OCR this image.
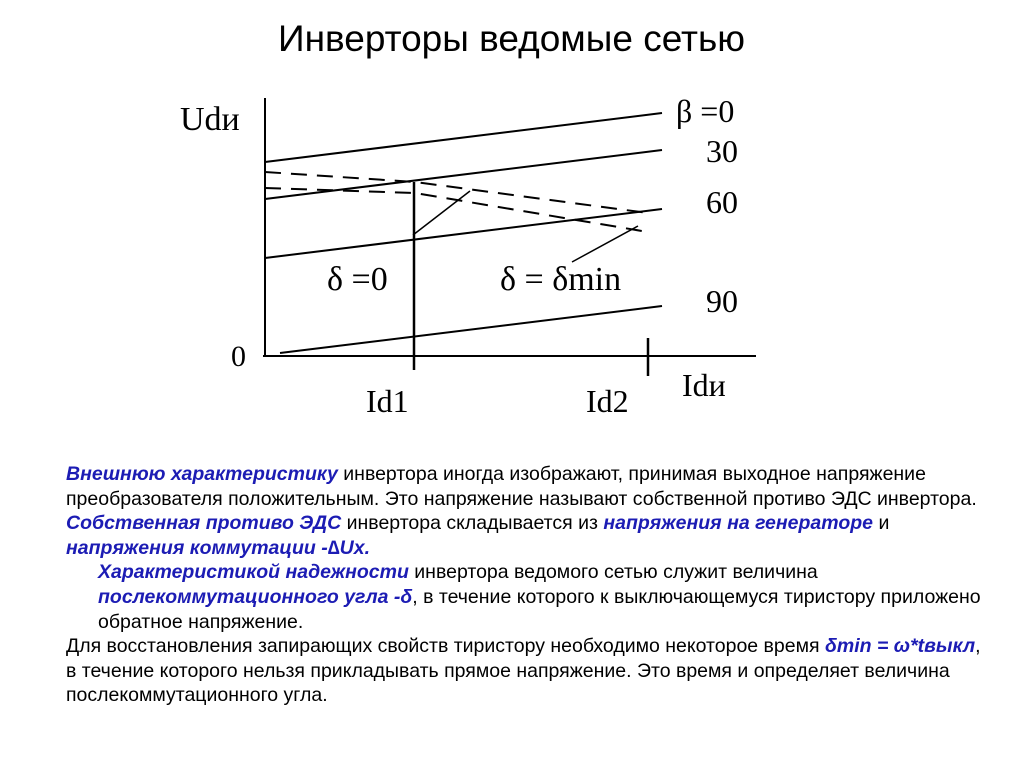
Инверторы ведомые сетью
Udи
Idи
0
β =0
30
60
90
δ =0	δ = δmin
Id1	Id2

Внешнюю характеристику инвертора иногда изображают, принимая выходное напряжение преобразователя положительным. Это напряжение называют собственной противо ЭДС инвертора. Собственная противо ЭДС инвертора складывается из напряжения на генераторе и напряжения коммутации -∆Ux.

Характеристикой надежности инвертора ведомого сетью служит величина послекоммутационного угла -δ, в течение которого к выключающемуся тиристору приложено обратное напряжение.

Для восстановления запирающих свойств тиристору необходимо некоторое время δmin = ω*tвыкл, в течение которого нельзя прикладывать прямое напряжение. Это время и определяет величина послекоммутационного угла.
